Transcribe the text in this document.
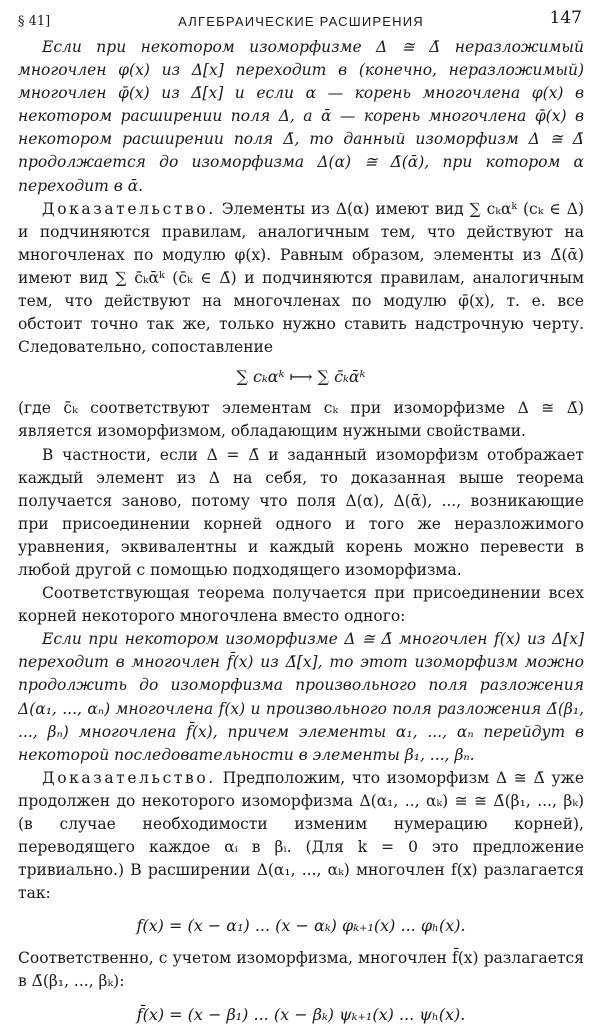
§ 41]	АЛГЕБРАИЧЕСКИЕ РАСШИРЕНИЯ	147

Если при некотором изоморфизме Δ ≅ Δ̄ неразложимый многочлен φ(x) из Δ[x] переходит в (конечно, неразложимый) многочлен φ̄(x) из Δ̄[x] и если α — корень многочлена φ(x) в некотором расширении поля Δ, а ᾱ — корень многочлена φ̄(x) в некотором расширении поля Δ̄, то данный изоморфизм Δ ≅ Δ̄ продолжается до изоморфизма Δ(α) ≅ Δ̄(ᾱ), при котором α переходит в ᾱ.

Доказательство. Элементы из Δ(α) имеют вид ∑ cₖαᵏ (cₖ ∈ Δ) и подчиняются правилам, аналогичным тем, что действуют на многочленах по модулю φ(x). Равным образом, элементы из Δ̄(ᾱ) имеют вид ∑ c̄ₖᾱᵏ (c̄ₖ ∈ Δ̄) и подчиняются правилам, аналогичным тем, что действуют на многочленах по модулю φ̄(x), т. е. все обстоит точно так же, только нужно ставить надстрочную черту. Следовательно, сопоставление

∑ cₖαᵏ ⟼ ∑ c̄ₖᾱᵏ

(где c̄ₖ соответствуют элементам cₖ при изоморфизме Δ ≅ Δ̄) является изоморфизмом, обладающим нужными свойствами.

В частности, если Δ = Δ̄ и заданный изоморфизм отображает каждый элемент из Δ на себя, то доказанная выше теорема получается заново, потому что поля Δ(α), Δ(ᾱ), ..., возникающие при присоединении корней одного и того же неразложимого уравнения, эквивалентны и каждый корень можно перевести в любой другой с помощью подходящего изоморфизма.

Соответствующая теорема получается при присоединении всех корней некоторого многочлена вместо одного:

Если при некотором изоморфизме Δ ≅ Δ̄ многочлен f(x) из Δ[x] переходит в многочлен f̄(x) из Δ̄[x], то этот изоморфизм можно продолжить до изоморфизма произвольного поля разложения Δ(α₁, ..., αₙ) многочлена f(x) и произвольного поля разложения Δ̄(β₁, ..., βₙ) многочлена f̄(x), причем элементы α₁, ..., αₙ перейдут в некоторой последовательности в элементы β₁, ..., βₙ.

Доказательство. Предположим, что изоморфизм Δ ≅ Δ̄ уже продолжен до некоторого изоморфизма Δ(α₁, .., αₖ) ≅ ≅ Δ̄(β₁, ..., βₖ) (в случае необходимости изменим нумерацию корней), переводящего каждое αᵢ в βᵢ. (Для k = 0 это предложение тривиально.) В расширении Δ(α₁, ..., αₖ) многочлен f(x) разлагается так:

f(x) = (x − α₁) ... (x − αₖ) φₖ₊₁(x) ... φₕ(x).

Соответственно, с учетом изоморфизма, многочлен f̄(x) разлагается в Δ̄(β₁, ..., βₖ):

f̄(x) = (x − β₁) ... (x − βₖ) ψₖ₊₁(x) ... ψₕ(x).
